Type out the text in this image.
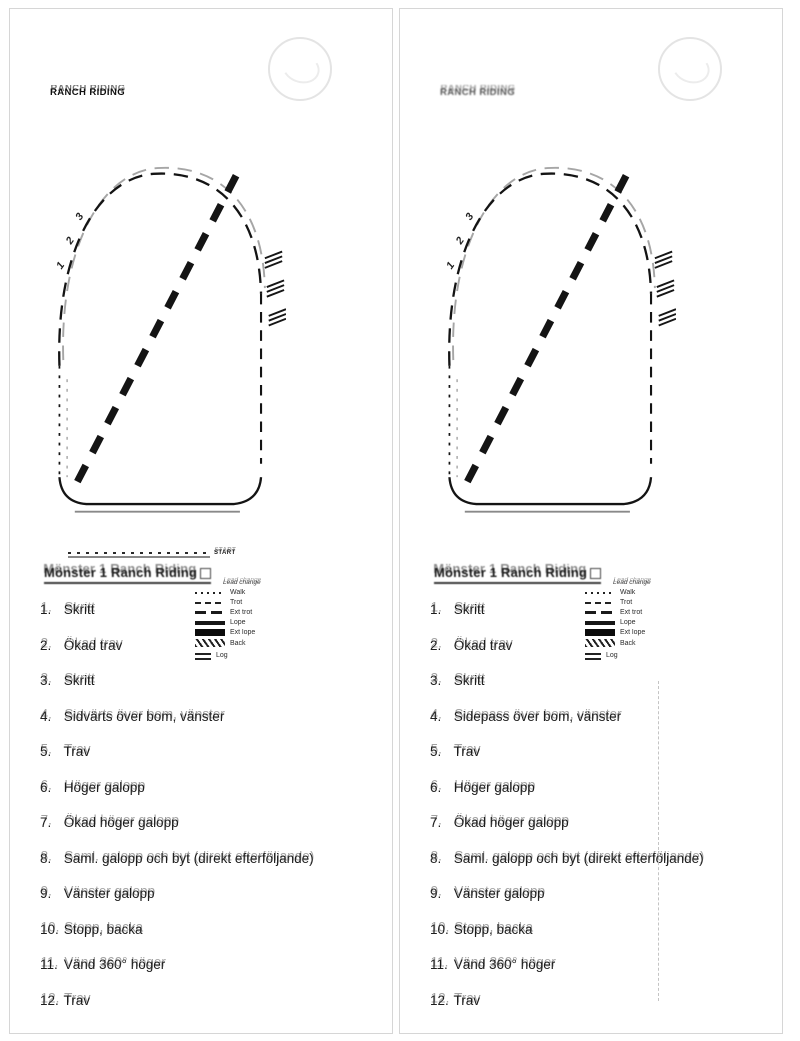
RANCH RIDING
1
2
3
START
Mönster 1 Ranch Riding
Lead change
Walk
Trot
Ext trot
Lope
Ext lope
Back
Log
1. Skritt
2. Ökad trav
3. Skritt
4. Sidvärts över bom, vänster
5. Trav
6. Höger galopp
7. Ökad höger galopp
8. Saml. galopp och byt (direkt efterföljande)
9. Vänster galopp
10. Stopp, backa
11. Vänd 360° höger
12. Trav
RANCH RIDING
1
2
3
Mönster 1 Ranch Riding
Lead change
Walk
Trot
Ext trot
Lope
Ext lope
Back
Log
1. Skritt
2. Ökad trav
3. Skritt
4. Sidepass över bom, vänster
5. Trav
6. Höger galopp
7. Ökad höger galopp
8. Saml. galopp och byt (direkt efterföljande)
9. Vänster galopp
10. Stopp, backa
11. Vänd 360° höger
12. Trav
